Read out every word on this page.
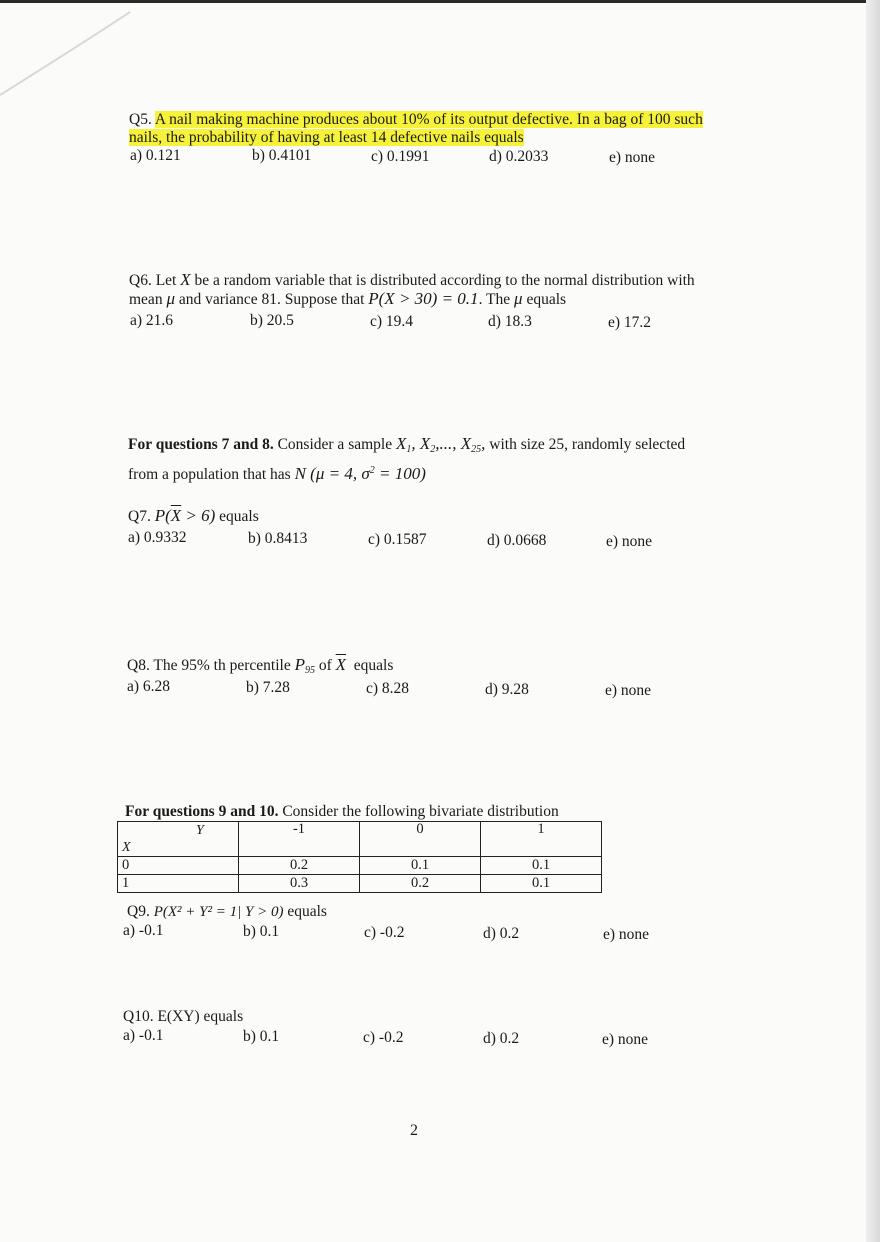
Q5. A nail making machine produces about 10% of its output defective. In a bag of 100 such
nails, the probability of having at least 14 defective nails equals
a) 0.121	b) 0.4101	c) 0.1991	d) 0.2033	e) none
Q6. Let X be a random variable that is distributed according to the normal distribution with
mean μ and variance 81. Suppose that P(X > 30) = 0.1. The μ equals
a) 21.6	b) 20.5	c) 19.4	d) 18.3	e) 17.2
For questions 7 and 8. Consider a sample $X_1$, $X_2$,..., $X_{25}$, with size 25, randomly selected
from a population that has N (μ = 4, $\sigma^2 = 100$)
Q7. $P(\overline{X} > 6)$ equals
a) 0.9332	b) 0.8413	c) 0.1587	d) 0.0668	e) none
Q8. The 95% th percentile $P_{95}$ of $\overline{X}$ equals
a) 6.28	b) 7.28	c) 8.28	d) 9.28	e) none
For questions 9 and 10. Consider the following bivariate distribution
Y	-1	0	1

X			
0	0.2	0.1	0.1
1	0.3	0.2	0.1
Q9. P(X² + Y² = 1| Y > 0) equals
a) -0.1	b) 0.1	c) -0.2	d) 0.2	e) none
Q10. E(XY) equals
a) -0.1	b) 0.1	c) -0.2	d) 0.2	e) none
2
